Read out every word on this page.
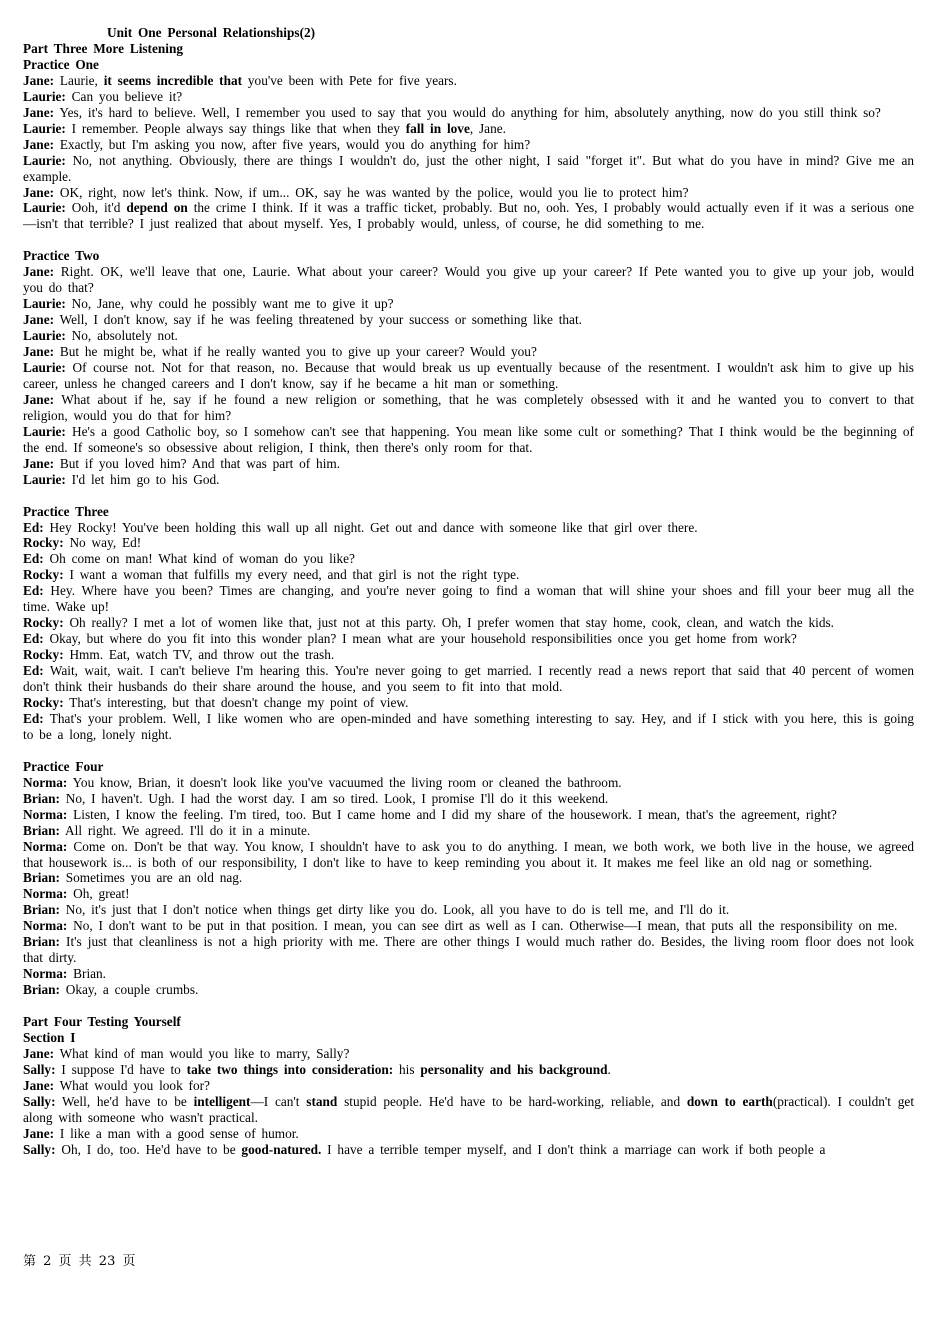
Unit One Personal Relationships(2)
Part Three More Listening
Practice One
Jane: Laurie, it seems incredible that you've been with Pete for five years.
Laurie: Can you believe it?
Jane: Yes, it's hard to believe. Well, I remember you used to say that you would do anything for him, absolutely anything, now do you still think so?
Laurie: I remember. People always say things like that when they fall in love, Jane.
Jane: Exactly, but I'm asking you now, after five years, would you do anything for him?
Laurie: No, not anything. Obviously, there are things I wouldn't do, just the other night, I said "forget it". But what do you have in mind? Give me an example.
Jane: OK, right, now let's think. Now, if um... OK, say he was wanted by the police, would you lie to protect him?
Laurie: Ooh, it'd depend on the crime I think. If it was a traffic ticket, probably. But no, ooh. Yes, I probably would actually even if it was a serious one—isn't that terrible? I just realized that about myself. Yes, I probably would, unless, of course, he did something to me.
Practice Two
Jane: Right. OK, we'll leave that one, Laurie. What about your career? Would you give up your career? If Pete wanted you to give up your job, would you do that?
Laurie: No, Jane, why could he possibly want me to give it up?
Jane: Well, I don't know, say if he was feeling threatened by your success or something like that.
Laurie: No, absolutely not.
Jane: But he might be, what if he really wanted you to give up your career? Would you?
Laurie: Of course not. Not for that reason, no. Because that would break us up eventually because of the resentment. I wouldn't ask him to give up his career, unless he changed careers and I don't know, say if he became a hit man or something.
Jane: What about if he, say if he found a new religion or something, that he was completely obsessed with it and he wanted you to convert to that religion, would you do that for him?
Laurie: He's a good Catholic boy, so I somehow can't see that happening. You mean like some cult or something? That I think would be the beginning of the end. If someone's so obsessive about religion, I think, then there's only room for that.
Jane: But if you loved him? And that was part of him.
Laurie: I'd let him go to his God.
Practice Three
Ed: Hey Rocky! You've been holding this wall up all night. Get out and dance with someone like that girl over there.
Rocky: No way, Ed!
Ed: Oh come on man! What kind of woman do you like?
Rocky: I want a woman that fulfills my every need, and that girl is not the right type.
Ed: Hey. Where have you been? Times are changing, and you're never going to find a woman that will shine your shoes and fill your beer mug all the time. Wake up!
Rocky: Oh really? I met a lot of women like that, just not at this party. Oh, I prefer women that stay home, cook, clean, and watch the kids.
Ed: Okay, but where do you fit into this wonder plan? I mean what are your household responsibilities once you get home from work?
Rocky: Hmm. Eat, watch TV, and throw out the trash.
Ed: Wait, wait, wait. I can't believe I'm hearing this. You're never going to get married. I recently read a news report that said that 40 percent of women don't think their husbands do their share around the house, and you seem to fit into that mold.
Rocky: That's interesting, but that doesn't change my point of view.
Ed: That's your problem. Well, I like women who are open-minded and have something interesting to say. Hey, and if I stick with you here, this is going to be a long, lonely night.
Practice Four
Norma: You know, Brian, it doesn't look like you've vacuumed the living room or cleaned the bathroom.
Brian: No, I haven't. Ugh. I had the worst day. I am so tired. Look, I promise I'll do it this weekend.
Norma: Listen, I know the feeling. I'm tired, too. But I came home and I did my share of the housework. I mean, that's the agreement, right?
Brian: All right. We agreed. I'll do it in a minute.
Norma: Come on. Don't be that way. You know, I shouldn't have to ask you to do anything. I mean, we both work, we both live in the house, we agreed that housework is... is both of our responsibility, I don't like to have to keep reminding you about it. It makes me feel like an old nag or something.
Brian: Sometimes you are an old nag.
Norma: Oh, great!
Brian: No, it's just that I don't notice when things get dirty like you do. Look, all you have to do is tell me, and I'll do it.
Norma: No, I don't want to be put in that position. I mean, you can see dirt as well as I can. Otherwise—I mean, that puts all the responsibility on me.
Brian: It's just that cleanliness is not a high priority with me. There are other things I would much rather do. Besides, the living room floor does not look that dirty.
Norma: Brian.
Brian: Okay, a couple crumbs.
Part Four Testing Yourself
Section I
Jane: What kind of man would you like to marry, Sally?
Sally: I suppose I'd have to take two things into consideration: his personality and his background.
Jane: What would you look for?
Sally: Well, he'd have to be intelligent—I can't stand stupid people. He'd have to be hard-working, reliable, and down to earth(practical). I couldn't get along with someone who wasn't practical.
Jane: I like a man with a good sense of humor.
Sally: Oh, I do, too. He'd have to be good-natured. I have a terrible temper myself, and I don't think a marriage can work if both people a
第 2 页 共 23 页
